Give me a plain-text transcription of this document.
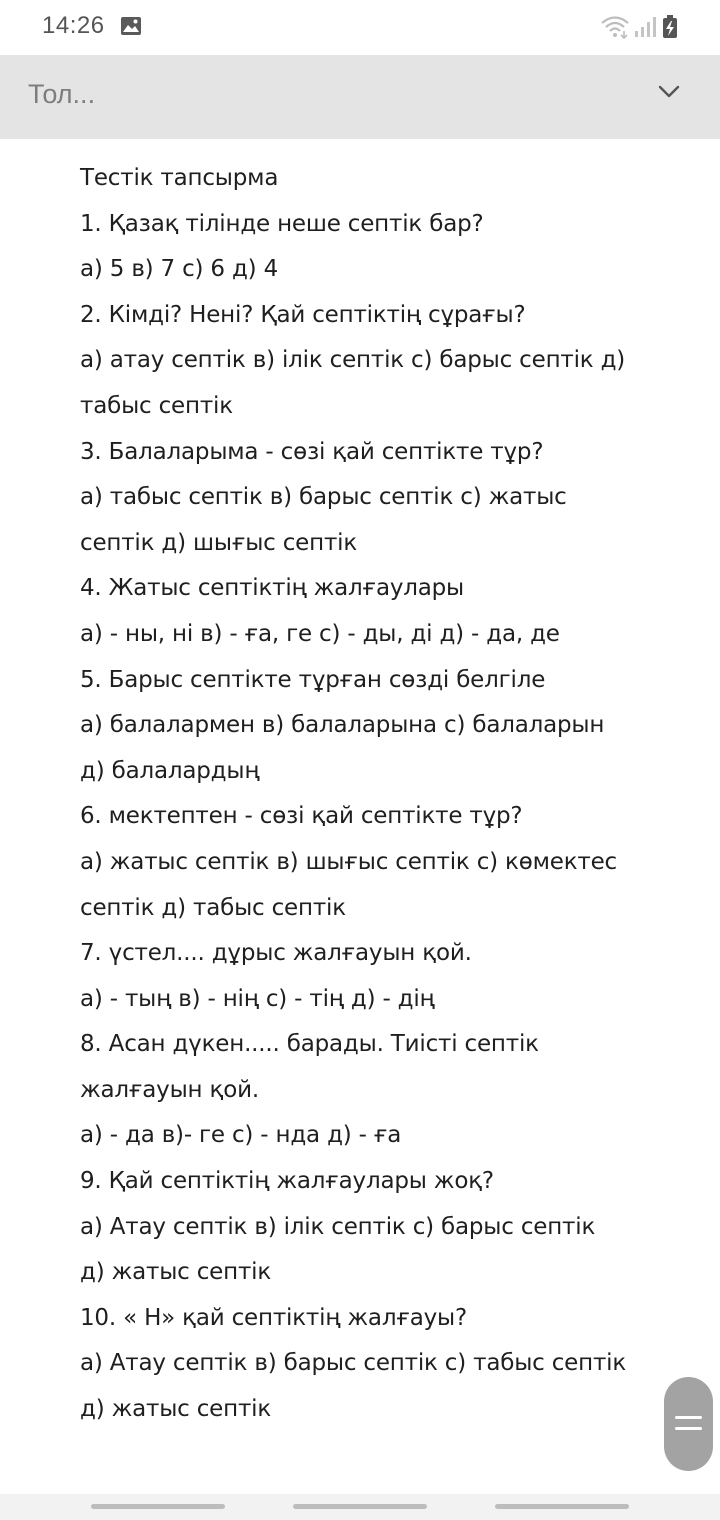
14:26
Тол...
Тестік тапсырма
1. Қазақ тілінде неше септік бар?
а) 5 в) 7 с) 6 д) 4
2. Кімді? Нені? Қай септіктің сұрағы?
а) атау септік в) ілік септік с) барыс септік д)
табыс септік
3. Балаларыма - сөзі қай септікте тұр?
а) табыс септік в) барыс септік с) жатыс
септік д) шығыс септік
4. Жатыс септіктің жалғаулары
а) - ны, ні в) - ға, ге с) - ды, ді д) - да, де
5. Барыс септікте тұрған сөзді белгіле
а) балалармен в) балаларына с) балаларын
д) балалардың
6. мектептен - сөзі қай септікте тұр?
а) жатыс септік в) шығыс септік с) көмектес
септік д) табыс септік
7. үстел.... дұрыс жалғауын қой.
а) - тың в) - нің с) - тің д) - дің
8. Асан дүкен..... барады. Тиісті септік
жалғауын қой.
а) - да в)- ге с) - нда д) - ға
9. Қай септіктің жалғаулары жоқ?
а) Атау септік в) ілік септік с) барыс септік
д) жатыс септік
10. « Н» қай септіктің жалғауы?
а) Атау септік в) барыс септік с) табыс септік
д) жатыс септік
